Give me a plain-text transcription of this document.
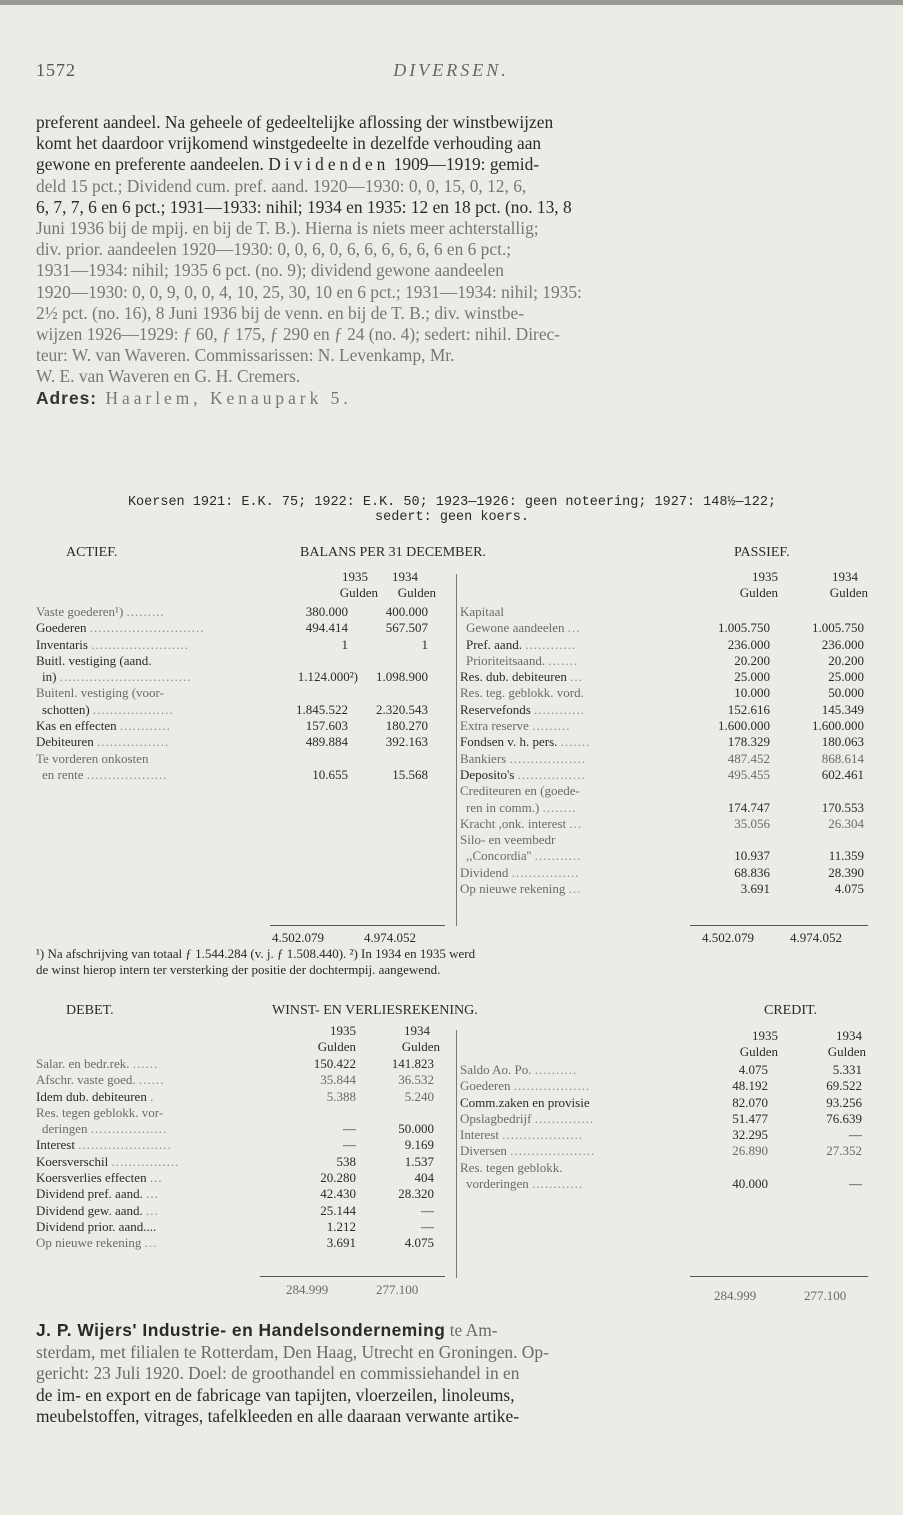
1572	DIVERSEN.

preferent aandeel. Na geheele of gedeeltelijke aflossing der winstbewijzen

komt het daardoor vrijkomend winstgedeelte in dezelfde verhouding aan

gewone en preferente aandeelen. Dividenden 1909—1919: gemid-

deld 15 pct.; Dividend cum. pref. aand. 1920—1930: 0, 0, 15, 0, 12, 6,

6, 7, 7, 6 en 6 pct.; 1931—1933: nihil; 1934 en 1935: 12 en 18 pct. (no. 13, 8

Juni 1936 bij de mpij. en bij de T. B.). Hierna is niets meer achterstallig;

div. prior. aandeelen 1920—1930: 0, 0, 6, 0, 6, 6, 6, 6, 6, 6 en 6 pct.;

1931—1934: nihil; 1935 6 pct. (no. 9); dividend gewone aandeelen

1920—1930: 0, 0, 9, 0, 0, 4, 10, 25, 30, 10 en 6 pct.; 1931—1934: nihil; 1935:

2½ pct. (no. 16), 8 Juni 1936 bij de venn. en bij de T. B.; div. winstbe-

wijzen 1926—1929: ƒ 60, ƒ 175, ƒ 290 en ƒ 24 (no. 4); sedert: nihil. Direc-

teur: W. van Waveren. Commissarissen: N. Levenkamp, Mr.

W. E. van Waveren en G. H. Cremers.

Adres: Haarlem, Kenaupark 5.

Koersen 1921: E.K. 75; 1922: E.K. 50; 1923—1926: geen noteering; 1927: 148½—122;
sedert: geen koers.
ACTIEF.	BALANS PER 31 DECEMBER.	PASSIEF.
1935	1934
Gulden	Gulden
1935	1934
Gulden	Gulden
Vaste goederen¹) .........	380.000	400.000
Goederen ...........................	494.414	567.507
Inventaris .......................	1	1
Buitl. vestiging (aand.
in) ...............................	1.124.000²) 1.098.900
Buitenl. vestiging (voor-
schotten) ...................	1.845.522 2.320.543
Kas en effecten ............	157.603	180.270
Debiteuren .................	489.884	392.163
Te vorderen onkosten
en rente ...................	10.655	15.568
Kapitaal
Gewone aandeelen ...	1.005.750	1.005.750
Pref. aand. ............	236.000	236.000
Prioriteitsaand. .......	20.200	20.200
Res. dub. debiteuren ...	25.000	25.000
Res. teg. geblokk. vord.	10.000	50.000
Reservefonds ............	152.616	145.349
Extra reserve .........	1.600.000	1.600.000
Fondsen v. h. pers. .......	178.329	180.063
Bankiers ..................	487.452	868.614
Deposito's ................	495.455	602.461
Crediteuren en (goede-
ren in comm.) ........	174.747	170.553
Kracht ,onk. interest ...	35.056	26.304
Silo- en veembedr
,,Concordia'' ...........	10.937	11.359
Dividend ................	68.836	28.390
Op nieuwe rekening ...	3.691	4.075
4.502.079	4.974.052	4.502.079	4.974.052

¹) Na afschrijving van totaal ƒ 1.544.284 (v. j. ƒ 1.508.440). ²) In 1934 en 1935 werd

de winst hierop intern ter versterking der positie der dochtermpij. aangewend.

DEBET.	WINST- EN VERLIESREKENING.	CREDIT.
1935	1934
Gulden	Gulden
1935	1934
Gulden	Gulden
Salar. en bedr.rek. ......	150.422	141.823
Afschr. vaste goed. ......	35.844	36.532
Idem dub. debiteuren .	5.388	5.240
Res. tegen geblokk. vor-
deringen ..................	—	50.000
Interest ......................	—	9.169
Koersverschil ................	538	1.537
Koersverlies effecten ...	20.280	404
Dividend pref. aand. ...	42.430	28.320
Dividend gew. aand. ...	25.144	—
Dividend prior. aand....	1.212	—
Op nieuwe rekening ...	3.691	4.075
Saldo Ao. Po. ..........	4.075	5.331
Goederen ..................	48.192	69.522
Comm.zaken en provisie	82.070	93.256
Opslagbedrijf ..............	51.477	76.639
Interest ...................	32.295	—
Diversen ....................	26.890	27.352
Res. tegen geblokk.
vorderingen ............	40.000	—
284.999	277.100	284.999	277.100

J. P. Wijers' Industrie- en Handelsonderneming te Am-

sterdam, met filialen te Rotterdam, Den Haag, Utrecht en Groningen. Op-

gericht: 23 Juli 1920. Doel: de groothandel en commissiehandel in en

de im- en export en de fabricage van tapijten, vloerzeilen, linoleums,

meubelstoffen, vitrages, tafelkleeden en alle daaraan verwante artike-
